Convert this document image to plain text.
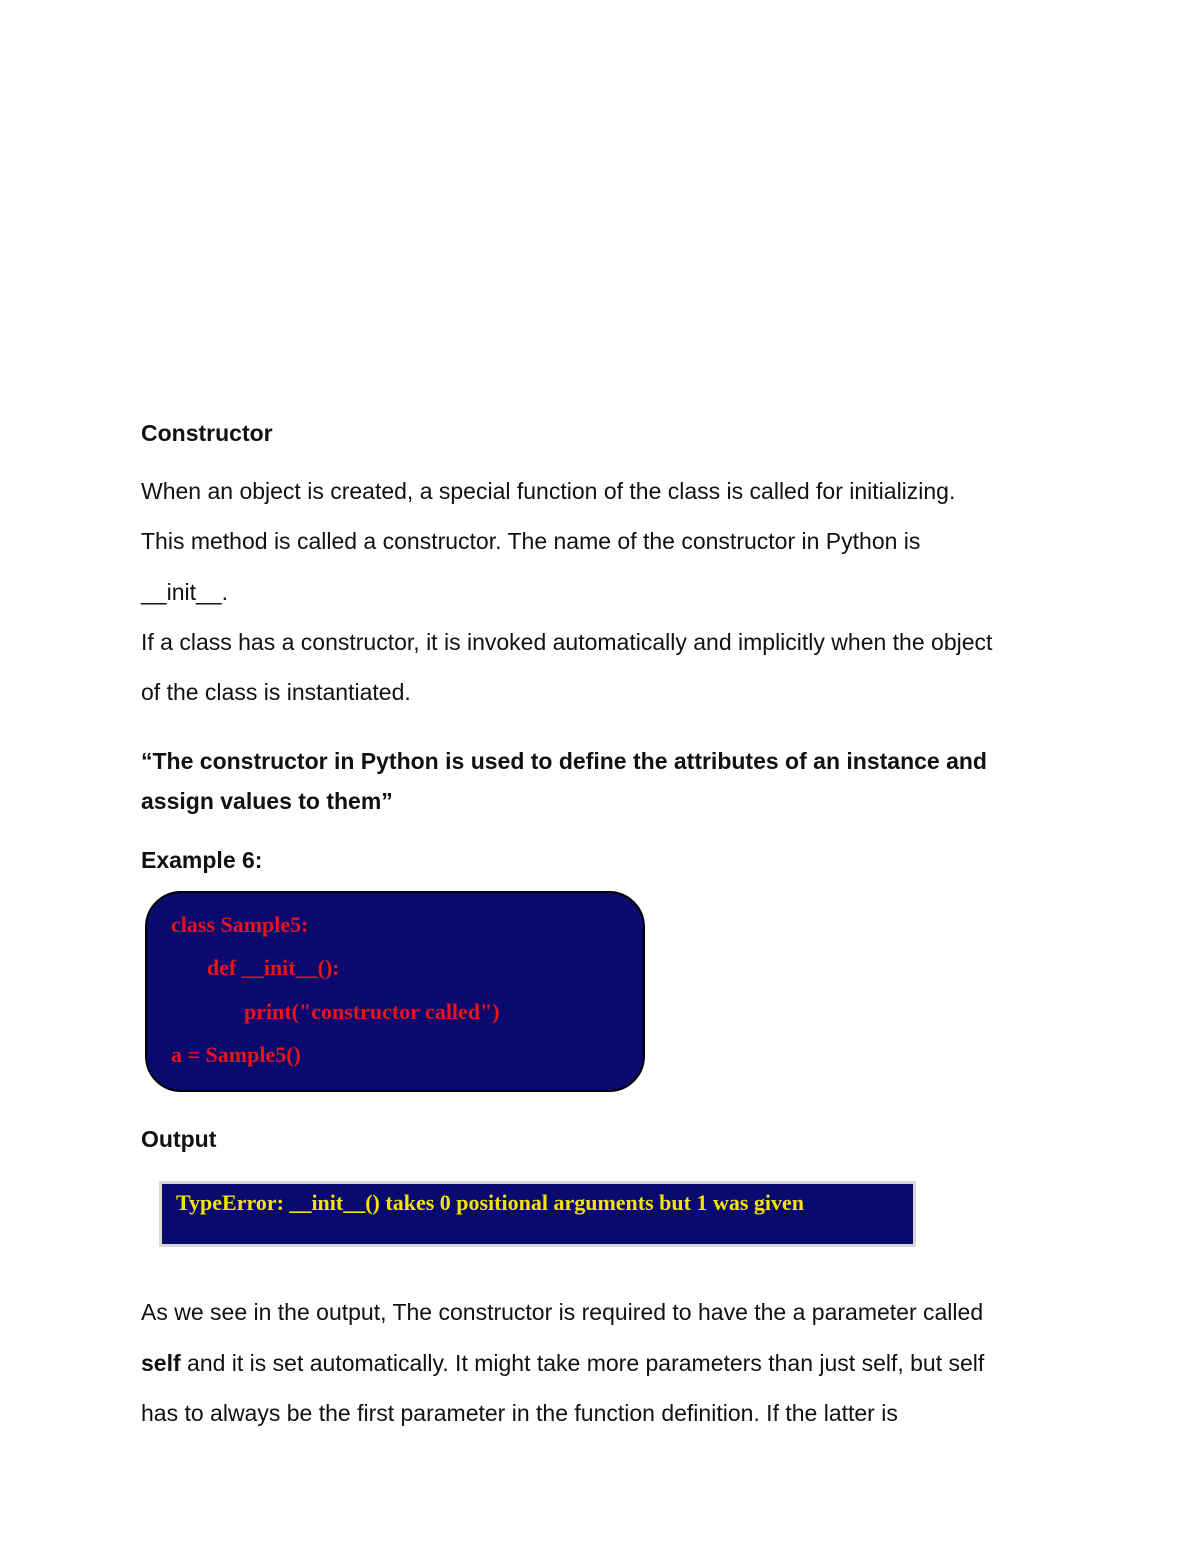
Constructor
When an object is created, a special function of the class is called for initializing.
This method is called a constructor. The name of the constructor in Python is
__init__.
If a class has a constructor, it is invoked automatically and implicitly when the object
of the class is instantiated.
“The constructor in Python is used to define the attributes of an instance and
assign values to them”
Example 6:
class Sample5:
def __init__():
print("constructor called")
a = Sample5()
Output
TypeError: __init__() takes 0 positional arguments but 1 was given
As we see in the output, The constructor is required to have the a parameter called
self and it is set automatically. It might take more parameters than just self, but self
has to always be the first parameter in the function definition. If the latter is
